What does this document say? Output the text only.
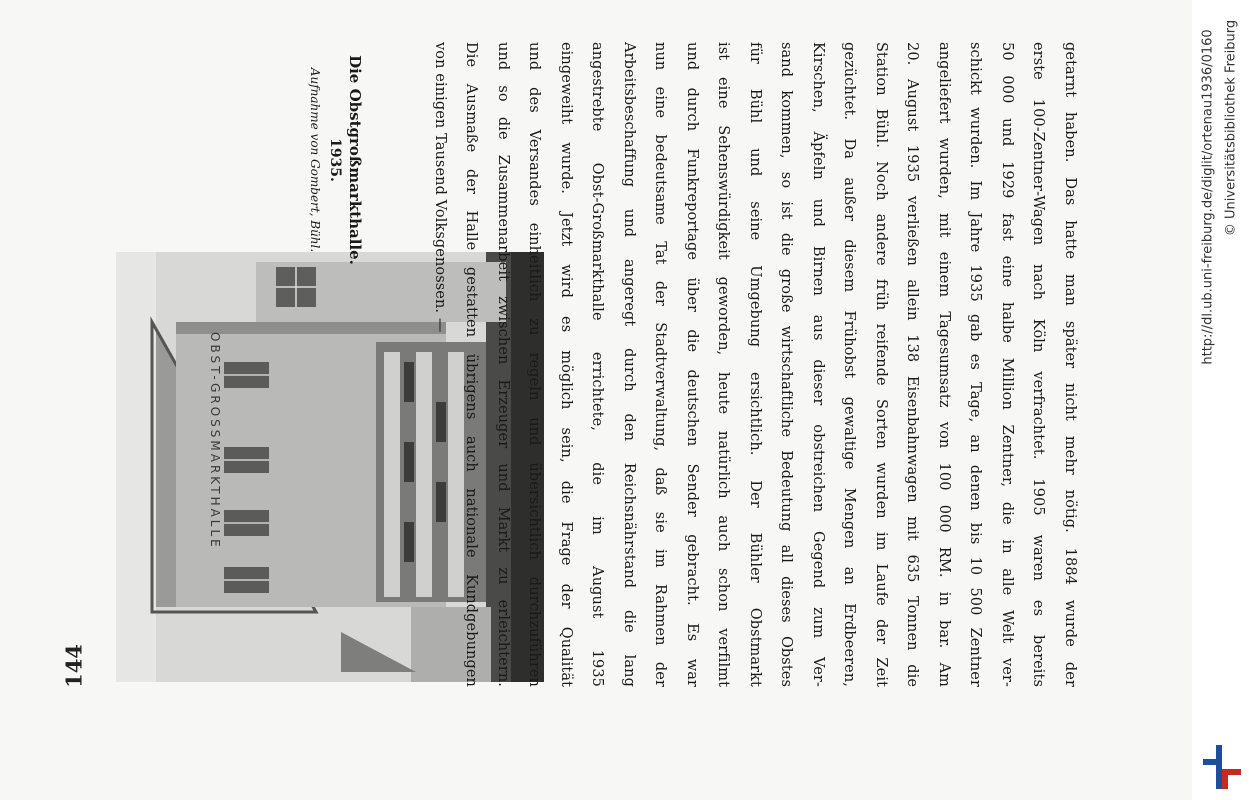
144
OBST-GROSSMARKTHALLE
Die Obstgroßmarkthalle.
1935.
Aufnahme von Gombert, Bühl.	getarnt haben. Das hatte man später nicht mehr nötig. 1884 wurde der
erste 100-Zentner-Wagen nach Köln verfrachtet. 1905 waren es bereits
50 000 und 1929 fast eine halbe Million Zentner, die in alle Welt ver-
schickt wurden. Im Jahre 1935 gab es Tage, an denen bis 10 500 Zentner
angeliefert wurden, mit einem Tagesumsatz von 100 000 RM. in bar. Am
20. August 1935 verließen allein 138 Eisenbahnwagen mit 635 Tonnen die
Station Bühl. Noch andere früh reifende Sorten wurden im Laufe der Zeit
gezüchtet. Da außer diesem Frühobst gewaltige Mengen an Erdbeeren,
Kirschen, Äpfeln und Birnen aus dieser obstreichen Gegend zum Ver-
sand kommen, so ist die große wirtschaftliche Bedeutung all dieses Obstes
für Bühl und seine Umgebung ersichtlich. Der Bühler Obstmarkt
ist eine Sehenswürdigkeit geworden, heute natürlich auch schon verfilmt
und durch Funkreportage über die deutschen Sender gebracht. Es war
nun eine bedeutsame Tat der Stadtverwaltung, daß sie im Rahmen der
Arbeitsbeschaffung und angeregt durch den Reichsnährstand die lang
angestrebte Obst-Großmarkthalle errichtete, die im August 1935
eingeweiht wurde. Jetzt wird es möglich sein, die Frage der Qualität
und des Versandes einheitlich zu regeln und übersichtlich durchzuführen
und so die Zusammenarbeit zwischen Erzeuger und Markt zu erleichtern.
Die Ausmaße der Halle gestatten übrigens auch nationale Kundgebungen
von einigen Tausend Volksgenossen. —	http://dl.ub.uni-freiburg.de/diglit/ortenau1936/0160 © Universitätsbibliothek Freiburg
